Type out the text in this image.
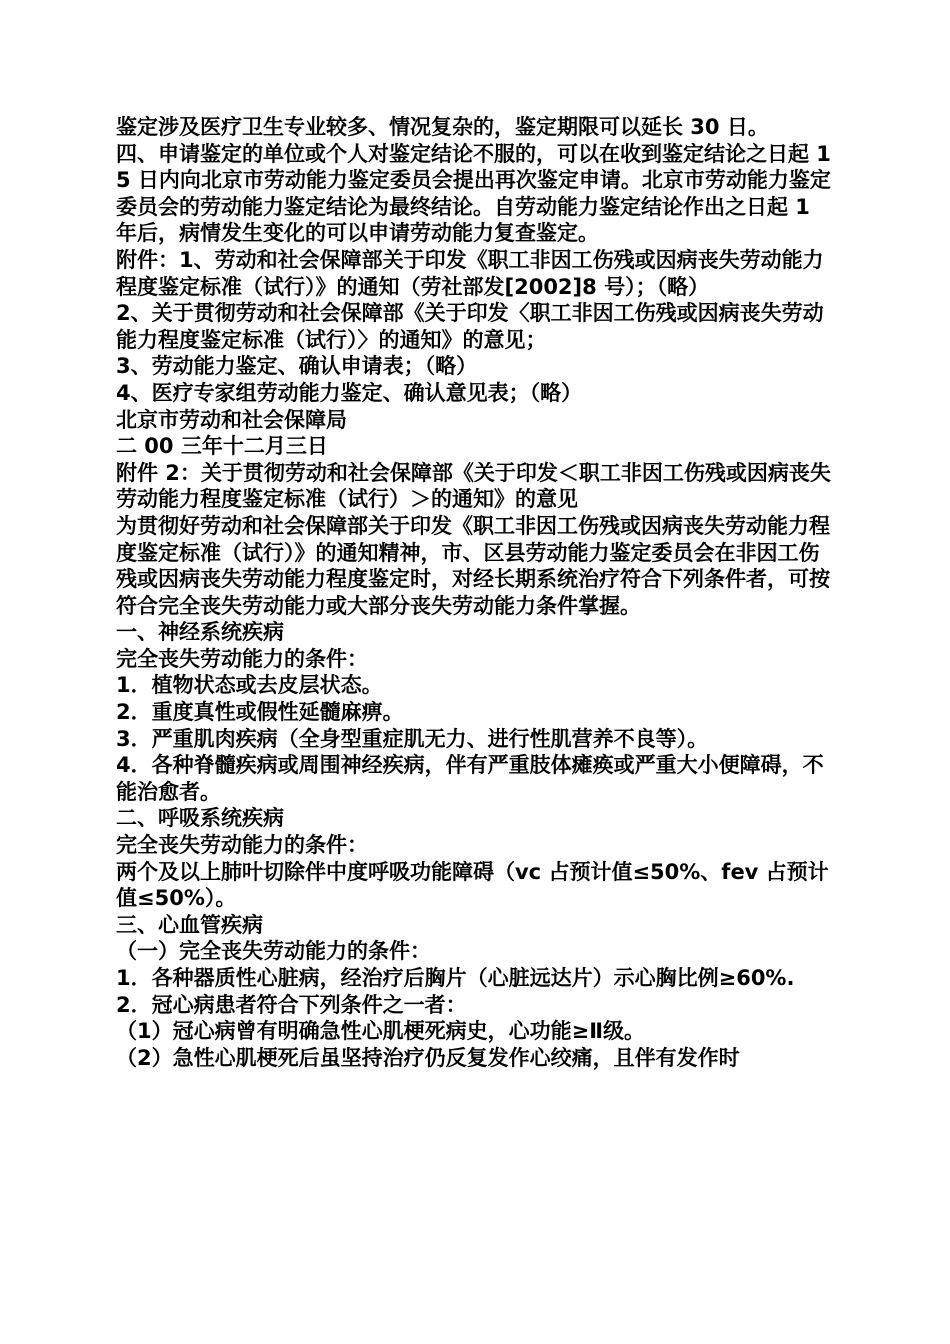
鉴定涉及医疗卫生专业较多、情况复杂的，鉴定期限可以延长 30 日。

四、申请鉴定的单位或个人对鉴定结论不服的，可以在收到鉴定结论之日起 15 日内向北京市劳动能力鉴定委员会提出再次鉴定申请。北京市劳动能力鉴定委员会的劳动能力鉴定结论为最终结论。自劳动能力鉴定结论作出之日起 1 年后，病情发生变化的可以申请劳动能力复查鉴定。

附件：1、劳动和社会保障部关于印发《职工非因工伤残或因病丧失劳动能力程度鉴定标准（试行）》的通知（劳社部发[2002]8 号）；（略）

2、关于贯彻劳动和社会保障部《关于印发〈职工非因工伤残或因病丧失劳动能力程度鉴定标准（试行）〉的通知》的意见；

3、劳动能力鉴定、确认申请表；（略）

4、医疗专家组劳动能力鉴定、确认意见表；（略）

北京市劳动和社会保障局

二 00 三年十二月三日

附件 2：关于贯彻劳动和社会保障部《关于印发＜职工非因工伤残或因病丧失劳动能力程度鉴定标准（试行）＞的通知》的意见

为贯彻好劳动和社会保障部关于印发《职工非因工伤残或因病丧失劳动能力程度鉴定标准（试行）》的通知精神，市、区县劳动能力鉴定委员会在非因工伤残或因病丧失劳动能力程度鉴定时，对经长期系统治疗符合下列条件者，可按符合完全丧失劳动能力或大部分丧失劳动能力条件掌握。

一、神经系统疾病

完全丧失劳动能力的条件：

1．植物状态或去皮层状态。

2．重度真性或假性延髓麻痹。

3．严重肌肉疾病（全身型重症肌无力、进行性肌营养不良等）。

4．各种脊髓疾病或周围神经疾病，伴有严重肢体瘫痪或严重大小便障碍，不能治愈者。

二、呼吸系统疾病

完全丧失劳动能力的条件：

两个及以上肺叶切除伴中度呼吸功能障碍（vc 占预计值≤50%、fev 占预计值≤50%）。

三、心血管疾病

（一）完全丧失劳动能力的条件：

1．各种器质性心脏病，经治疗后胸片（心脏远达片）示心胸比例≥60%.

2．冠心病患者符合下列条件之一者：

（1）冠心病曾有明确急性心肌梗死病史，心功能≥Ⅱ级。

（2）急性心肌梗死后虽坚持治疗仍反复发作心绞痛，且伴有发作时
